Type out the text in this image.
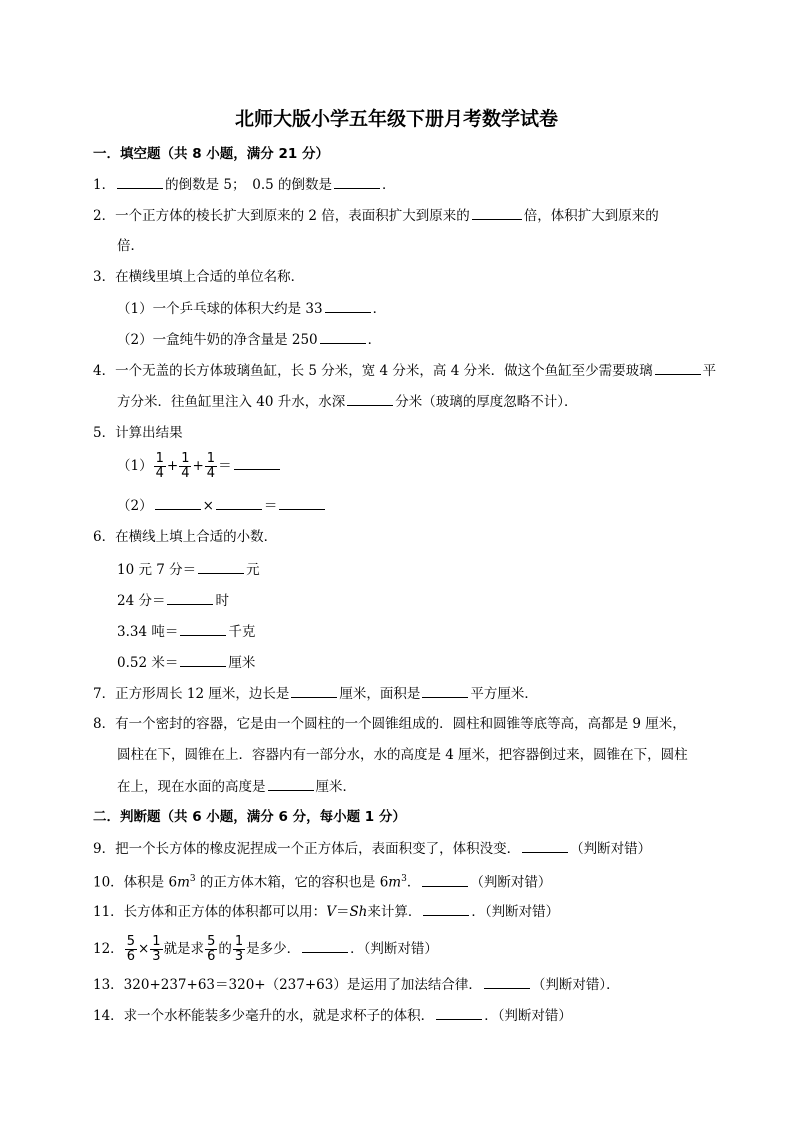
北师大版小学五年级下册月考数学试卷
一．填空题（共 8 小题，满分 21 分）
1．	的倒数是 5；　0.5 的倒数是	．
2．一个正方体的棱长扩大到原来的 2 倍，表面积扩大到原来的	倍，体积扩大到原来的
倍．
3．在横线里填上合适的单位名称．
（1）一个乒乓球的体积大约是 33	．
（2）一盒纯牛奶的净含量是 250	．
4．一个无盖的长方体玻璃鱼缸，长 5 分米，宽 4 分米，高 4 分米．做这个鱼缸至少需要玻璃	平
方分米．往鱼缸里注入 40 升水，水深	分米（玻璃的厚度忽略不计）．
5．计算出结果
$(1) \frac{1}{4} + \frac{1}{4} + \frac{1}{4}$ ＝
（2）	×	＝
6．在横线上填上合适的小数．
10 元 7 分＝	元
24 分＝	时
3.34 吨＝	千克
0.52 米＝	厘米
7．正方形周长 12 厘米，边长是	厘米，面积是	平方厘米．
8．有一个密封的容器，它是由一个圆柱的一个圆锥组成的．圆柱和圆锥等底等高，高都是 9 厘米，
圆柱在下，圆锥在上．容器内有一部分水，水的高度是 4 厘米，把容器倒过来，圆锥在下，圆柱
在上，现在水面的高度是	厘米．
二．判断题（共 6 小题，满分 6 分，每小题 1 分）
9．把一个长方体的橡皮泥捏成一个正方体后，表面积变了，体积没变．	（判断对错）
10．体积是 $6m^3$ 的正方体木箱，它的容积也是 $6m^3$．	（判断对错）
11．长方体和正方体的体积都可以用：V＝Sh来计算．	．（判断对错）
12． $\frac{5}{6} \times \frac{1}{3}$ 就是求 $\frac{5}{6}$ 的 $\frac{1}{3}$ 是多少．	．（判断对错）
13．320+237+63＝320+（237+63）是运用了加法结合律．	（判断对错）．
14．求一个水杯能装多少毫升的水，就是求杯子的体积．	．（判断对错）
